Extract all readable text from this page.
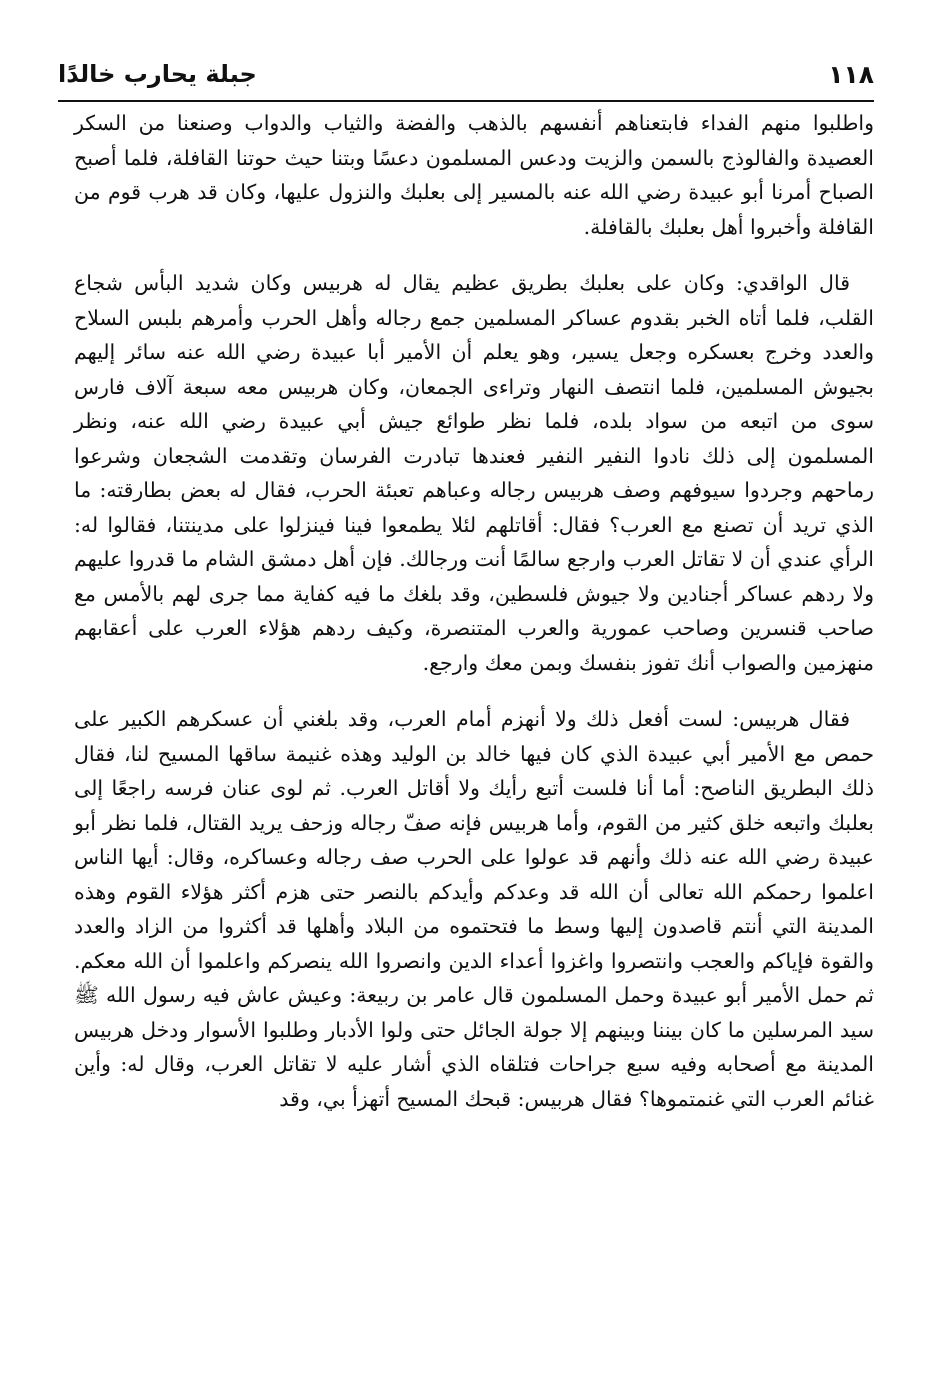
١١٨
جبلة يحارب خالدًا

واطلبوا منهم الفداء فابتعناهم أنفسهم بالذهب والفضة والثياب والدواب وصنعنا من السكر العصيدة والفالوذج بالسمن والزيت ودعس المسلمون دعسًا وبتنا حيث حوتنا القافلة، فلما أصبح الصباح أمرنا أبو عبيدة رضي الله عنه بالمسير إلى بعلبك والنزول عليها، وكان قد هرب قوم من القافلة وأخبروا أهل بعلبك بالقافلة.

قال الواقدي: وكان على بعلبك بطريق عظيم يقال له هربيس وكان شديد البأس شجاع القلب، فلما أتاه الخبر بقدوم عساكر المسلمين جمع رجاله وأهل الحرب وأمرهم بلبس السلاح والعدد وخرج بعسكره وجعل يسير، وهو يعلم أن الأمير أبا عبيدة رضي الله عنه سائر إليهم بجيوش المسلمين، فلما انتصف النهار وتراءى الجمعان، وكان هربيس معه سبعة آلاف فارس سوى من اتبعه من سواد بلده، فلما نظر طوائع جيش أبي عبيدة رضي الله عنه، ونظر المسلمون إلى ذلك نادوا النفير النفير فعندها تبادرت الفرسان وتقدمت الشجعان وشرعوا رماحهم وجردوا سيوفهم وصف هربيس رجاله وعباهم تعبئة الحرب، فقال له بعض بطارقته: ما الذي تريد أن تصنع مع العرب؟ فقال: أقاتلهم لئلا يطمعوا فينا فينزلوا على مدينتنا، فقالوا له: الرأي عندي أن لا تقاتل العرب وارجع سالمًا أنت ورجالك. فإن أهل دمشق الشام ما قدروا عليهم ولا ردهم عساكر أجنادين ولا جيوش فلسطين، وقد بلغك ما فيه كفاية مما جرى لهم بالأمس مع صاحب قنسرين وصاحب عمورية والعرب المتنصرة، وكيف ردهم هؤلاء العرب على أعقابهم منهزمين والصواب أنك تفوز بنفسك وبمن معك وارجع.

فقال هربيس: لست أفعل ذلك ولا أنهزم أمام العرب، وقد بلغني أن عسكرهم الكبير على حمص مع الأمير أبي عبيدة الذي كان فيها خالد بن الوليد وهذه غنيمة ساقها المسيح لنا، فقال ذلك البطريق الناصح: أما أنا فلست أتبع رأيك ولا أقاتل العرب. ثم لوى عنان فرسه راجعًا إلى بعلبك واتبعه خلق كثير من القوم، وأما هربيس فإنه صفّ رجاله وزحف يريد القتال، فلما نظر أبو عبيدة رضي الله عنه ذلك وأنهم قد عولوا على الحرب صف رجاله وعساكره، وقال: أيها الناس اعلموا رحمكم الله تعالى أن الله قد وعدكم وأيدكم بالنصر حتى هزم أكثر هؤلاء القوم وهذه المدينة التي أنتم قاصدون إليها وسط ما فتحتموه من البلاد وأهلها قد أكثروا من الزاد والعدد والقوة فإياكم والعجب وانتصروا واغزوا أعداء الدين وانصروا الله ينصركم واعلموا أن الله معكم. ثم حمل الأمير أبو عبيدة وحمل المسلمون قال عامر بن ربيعة: وعيش عاش فيه رسول الله ﷺ سيد المرسلين ما كان بيننا وبينهم إلا جولة الجائل حتى ولوا الأدبار وطلبوا الأسوار ودخل هربيس المدينة مع أصحابه وفيه سبع جراحات فتلقاه الذي أشار عليه لا تقاتل العرب، وقال له: وأين غنائم العرب التي غنمتموها؟ فقال هربيس: قبحك المسيح أتهزأ بي، وقد
